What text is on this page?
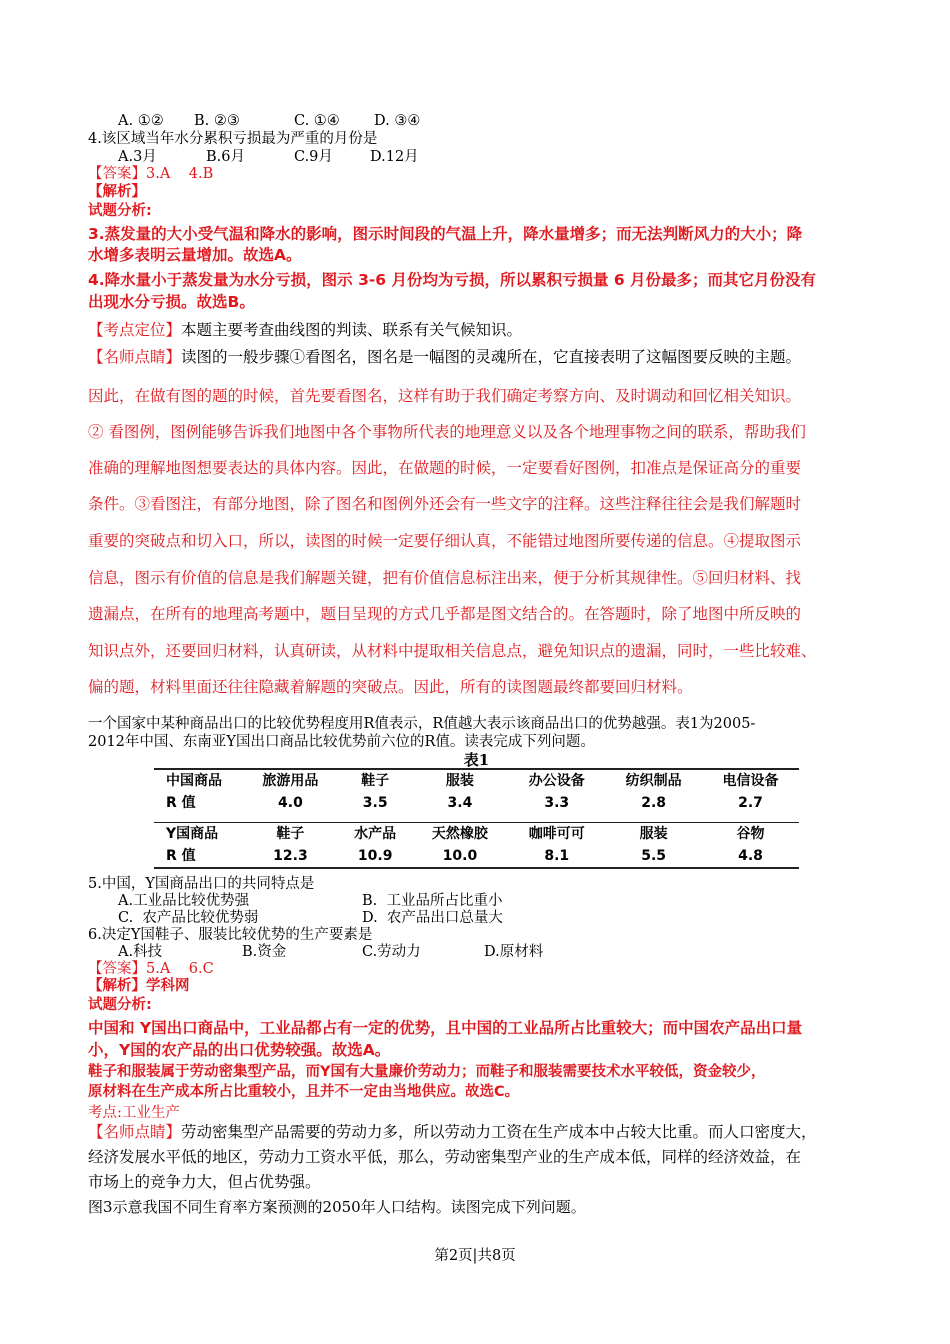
A. ①② B. ②③	C. ①④ D. ③④
4.该区域当年水分累积亏损最为严重的月份是
A.3月	B.6月	C.9月	D.12月
【答案】3.A    4.B
【解析】
试题分析:
3.蒸发量的大小受气温和降水的影响，图示时间段的气温上升，降水量增多；而无法判断风力的大小；降
水增多表明云量增加。故选A。
4.降水量小于蒸发量为水分亏损，图示 3-6 月份均为亏损，所以累积亏损量 6 月份最多；而其它月份没有
出现水分亏损。故选B。
【考点定位】本题主要考查曲线图的判读、联系有关气候知识。
【名师点睛】读图的一般步骤①看图名，图名是一幅图的灵魂所在，它直接表明了这幅图要反映的主题。
因此，在做有图的题的时候，首先要看图名，这样有助于我们确定考察方向、及时调动和回忆相关知识。
② 看图例，图例能够告诉我们地图中各个事物所代表的地理意义以及各个地理事物之间的联系，帮助我们
准确的理解地图想要表达的具体内容。因此，在做题的时候，一定要看好图例，扣准点是保证高分的重要
条件。③看图注，有部分地图，除了图名和图例外还会有一些文字的注释。这些注释往往会是我们解题时
重要的突破点和切入口，所以，读图的时候一定要仔细认真，不能错过地图所要传递的信息。④提取图示
信息，图示有价值的信息是我们解题关键，把有价值信息标注出来，便于分析其规律性。⑤回归材料、找
遗漏点，在所有的地理高考题中，题目呈现的方式几乎都是图文结合的。在答题时，除了地图中所反映的
知识点外，还要回归材料，认真研读，从材料中提取相关信息点，避免知识点的遗漏，同时，一些比较难、
偏的题，材料里面还往往隐藏着解题的突破点。因此，所有的读图题最终都要回归材料。
一个国家中某种商品出口的比较优势程度用R值表示，R值越大表示该商品出口的优势越强。表1为2005-
2012年中国、东南亚Y国出口商品比较优势前六位的R值。读表完成下列问题。
表1
中国商品	旅游用品	鞋子	服装	办公设备	纺织制品	电信设备
R 值	4.0	3.5	3.4	3.3	2.8	2.7

Y国商品	鞋子	水产品	天然橡胶	咖啡可可	服装	谷物
R 值	12.3	10.9	10.0	8.1	5.5	4.8
5.中国，Y国商品出口的共同特点是
A.工业品比较优势强	B.  工业品所占比重小
C.  农产品比较优势弱	D.  农产品出口总量大
6.决定Y国鞋子、服装比较优势的生产要素是
A.科技	B.资金	C.劳动力	D.原材料
【答案】5.A    6.C
【解析】学科网
试题分析:
中国和 Y国出口商品中，工业品都占有一定的优势，且中国的工业品所占比重较大；而中国农产品出口量
小，Y国的农产品的出口优势较强。故选A。
鞋子和服装属于劳动密集型产品，而Y国有大量廉价劳动力；而鞋子和服装需要技术水平较低，资金较少，
原材料在生产成本所占比重较小，且并不一定由当地供应。故选C。
考点:工业生产
【名师点睛】劳动密集型产品需要的劳动力多，所以劳动力工资在生产成本中占较大比重。而人口密度大，
经济发展水平低的地区，劳动力工资水平低，那么，劳动密集型产业的生产成本低，同样的经济效益，在
市场上的竞争力大，但占优势强。
图3示意我国不同生育率方案预测的2050年人口结构。读图完成下列问题。
第2页|共8页
